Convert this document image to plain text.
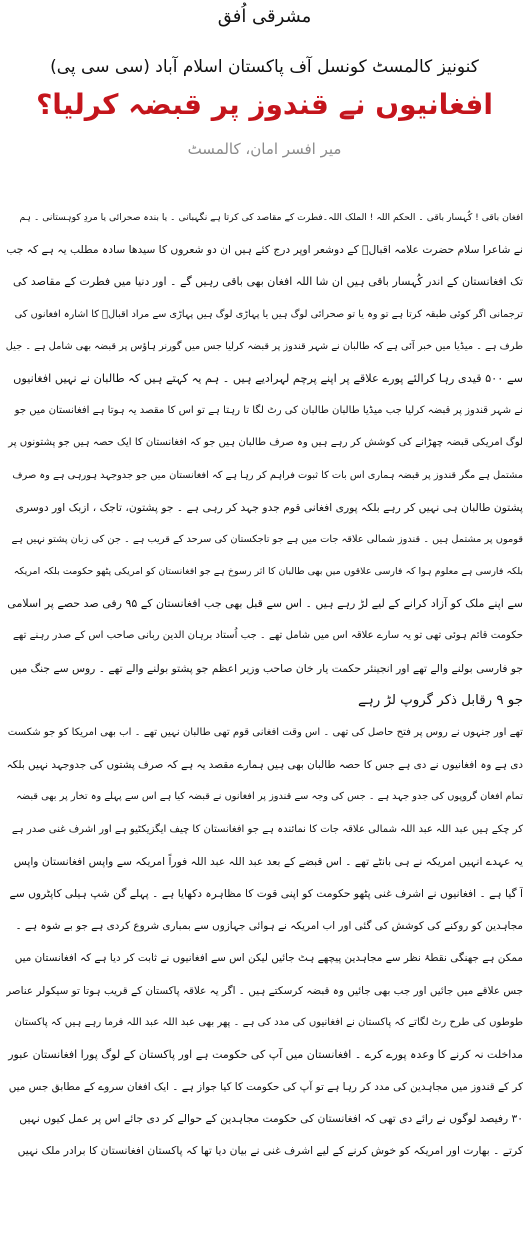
مشرقی اُفق
کنونیز کالمسٹ کونسل آف پاکستان اسلام آباد (سی سی پی)
افغانیوں نے قندوز پر قبضہ کرلیا؟
میر افسر امان، کالمسٹ
افغان باقی ! کُہسار باقی ۔ الحکم اللہ ! الملک اللہ۔فطرت کے مقاصد کی کرتا ہے نگہبانی ۔ یا بندہ صحرائی یا مردِ کوہستانی ۔ ہم
نے شاعرا سلام حضرت علامہ اقبالؒ کے دوشعر اوپر درج کئے ہیں ان دو شعروں کا سیدھا سادہ مطلب یہ ہے کہ جب
تک افغانستان کے اندر کُہسار باقی ہیں ان شا اللہ افغان بھی باقی رہیں گے ۔ اور دنیا میں فطرت کے مقاصد کی
ترجمانی اگر کوئی طبقہ کرتا ہے تو وہ یا تو صحرائی لوگ ہیں یا پہاڑی لوگ ہیں پہاڑی سے مراد اقبالؒ کا اشارہ افغانوں کی
طرف ہے ۔ میڈیا میں خبر آئی ہے کہ طالبان نے شہر قندوز پر قبضہ کرلیا جس میں گورنر ہاؤس پر قبضہ بھی شامل ہے ۔ جیل
سے ۵۰۰ قیدی رہا کرالئے پورے علاقے پر اپنے پرچم لہرادیے ہیں ۔ ہم یہ کہتے ہیں کہ طالبان نے نہیں افغانیوں
نے شہر قندوز پر قبضہ کرلیا جب میڈیا طالبان طالبان کی رٹ لگا تا رہتا ہے تو اس کا مقصد یہ ہوتا ہے افغانستان میں جو
لوگ امریکی قبضہ چھڑانے کی کوشش کر رہے ہیں وہ صرف طالبان ہیں جو کہ افغانستان کا ایک حصہ ہیں جو پشتونوں پر
مشتمل ہے مگر قندوز پر قبضہ ہماری اس بات کا ثبوت فراہم کر رہا ہے کہ افغانستان میں جو جدوجہد ہورہی ہے وہ صرف
پشتون طالبان ہی نہیں کر رہے بلکہ پوری افغانی قوم جدو جہد کر رہی ہے ۔ جو پشتون، تاجک ، ازبک اور دوسری
قوموں پر مشتمل ہیں ۔ قندوز شمالی علاقہ جات میں ہے جو تاجکستان کی سرحد کے قریب ہے ۔ جن کی زبان پشتو نہیں ہے
بلکہ فارسی ہے معلوم ہوا کہ فارسی علاقوں میں بھی طالبان کا اثر رسوخ ہے جو افغانستان کو امریکی پٹھو حکومت بلکہ امریکہ
سے اپنے ملک کو آزاد کرانے کے لیے لڑ رہے ہیں ۔ اس سے قبل بھی جب افغانستان کے ۹۵ رفی صد حصے پر اسلامی
حکومت قائم ہوئی تھی تو یہ سارے علاقہ اس میں شامل تھے ۔ جب اُستاد برہان الدین ربانی صاحب اس کے صدر رہنے تھے
جو فارسی بولنے والے تھے اور انجینئر حکمت یار خان صاحب وزیر اعظم جو پشتو بولنے والے تھے ۔ روس سے جنگ میں
جو ۹ رقابل ذکر گروپ لڑ رہے
تھے اور جنہوں نے روس پر فتح حاصل کی تھی ۔ اس وقت افغانی قوم تھی طالبان نہیں تھے ۔ اب بھی امریکا کو جو شکست
دی ہے وہ افغانیوں نے دی ہے جس کا حصہ طالبان بھی ہیں ہمارے مقصد یہ ہے کہ صرف پشتوں کی جدوجہد نہیں بلکہ
تمام افغان گروپوں کی جدو جہد ہے ۔ جس کی وجہ سے قندوز پر افغانوں نے قبضہ کیا ہے اس سے پہلے وہ تخار پر بھی قبضہ
کر چکے ہیں عبد اللہ عبد اللہ شمالی علاقہ جات کا نمائندہ ہے جو افغانستان کا چیف ایگزیکٹیو ہے اور اشرف غنی صدر ہے
یہ عہدے انہیں امریکہ نے ہی بانٹے تھے ۔ اس قبضے کے بعد عبد اللہ عبد اللہ فوراً امریکہ سے واپس افغانستان واپس
آ گیا ہے ۔ افغانیوں نے اشرف غنی پٹھو حکومت کو اپنی قوت کا مظاہرہ دکھایا ہے ۔ پہلے گن شپ ہیلی کاپٹروں سے
مجاہدین کو روکنے کی کوشش کی گئی اور اب امریکہ نے ہوائی جہازوں سے بمباری شروع کردی ہے جو بے شوہ ہے ۔
ممکن ہے جھنگی نقطۂ نظر سے مجاہدین پیچھے ہٹ جائیں لیکن اس سے افغانیوں نے ثابت کر دیا ہے کہ افغانستان میں
جس علاقے میں جائیں اور جب بھی جائیں وہ قبضہ کرسکتے ہیں ۔ اگر یہ علاقہ پاکستان کے قریب ہوتا تو سیکولر عناصر
طوطوں کی طرح رٹ لگاتے کہ پاکستان نے افغانیوں کی مدد کی ہے ۔ پھر بھی عبد اللہ عبد اللہ فرما رہے ہیں کہ پاکستان
مداخلت نہ کرنے کا وعدہ پورے کرے ۔ افغانستان میں آپ کی حکومت ہے اور پاکستان کے لوگ پورا افغانستان عبور
کر کے قندوز میں مجاہدین کی مدد کر رہا ہے تو آپ کی حکومت کا کیا جواز ہے ۔ ایک افغان سروے کے مطابق جس میں
۳۰ رفیصد لوگوں نے رائے دی تھی کہ افغانستان کی حکومت مجاہدین کے حوالے کر دی جائے اس پر عمل کیوں نہیں
کرتے ۔ بھارت اور امریکہ کو خوش کرنے کے لیے اشرف غنی نے بیان دیا تھا کہ پاکستان افغانستان کا برادر ملک نہیں
